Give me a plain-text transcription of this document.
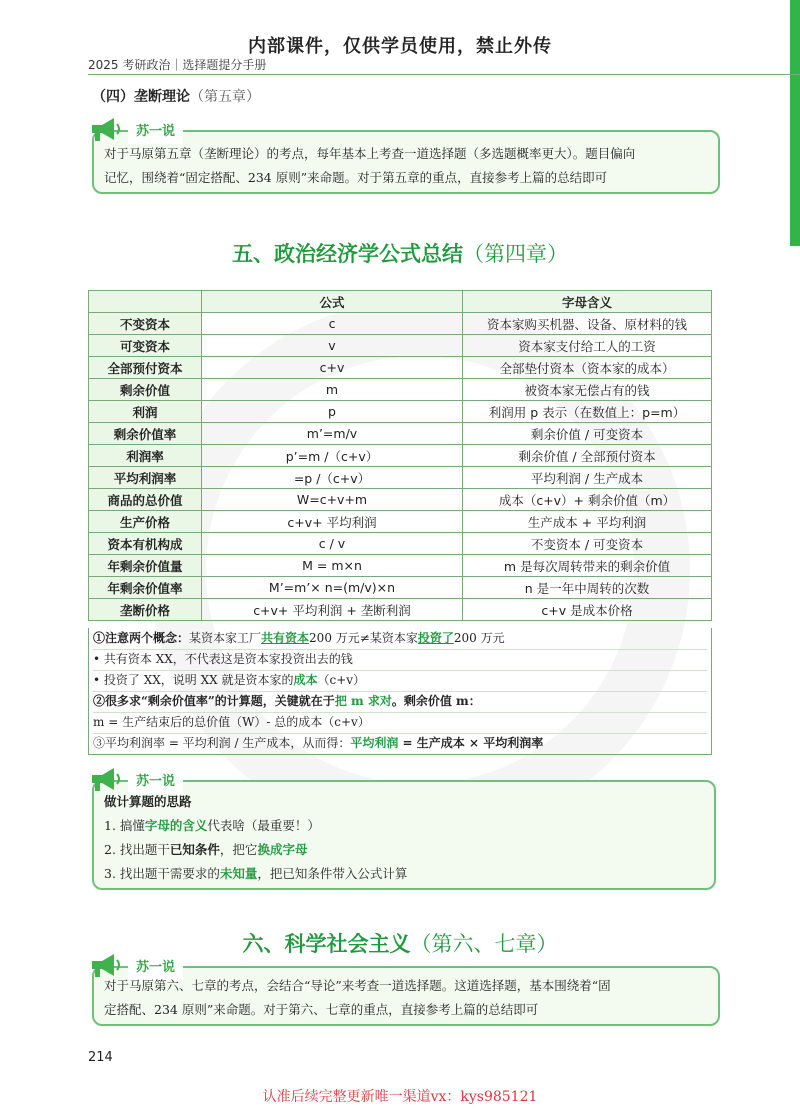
内部课件，仅供学员使用，禁止外传
2025 考研政治｜选择题提分手册
（四）垄断理论（第五章）
苏一说
对于马原第五章（垄断理论）的考点，每年基本上考查一道选择题（多选题概率更大）。题目偏向
记忆，围绕着“固定搭配、234 原则”来命题。对于第五章的重点，直接参考上篇的总结即可
五、政治经济学公式总结（第四章）
	公式	字母含义
不变资本	c	资本家购买机器、设备、原材料的钱
可变资本	v	资本家支付给工人的工资
全部预付资本	c+v	全部垫付资本（资本家的成本）
剩余价值	m	被资本家无偿占有的钱
利润	p	利润用 p 表示（在数值上：p=m）
剩余价值率	m’=m/v	剩余价值 / 可变资本
利润率	p’=m /（c+v）	剩余价值 / 全部预付资本
平均利润率	=p /（c+v）	平均利润 / 生产成本
商品的总价值	W=c+v+m	成本（c+v）+ 剩余价值（m）
生产价格	c+v+ 平均利润	生产成本 + 平均利润
资本有机构成	c / v	不变资本 / 可变资本
年剩余价值量	M = m×n	m 是每次周转带来的剩余价值
年剩余价值率	M’=m’× n=(m/v)×n	n 是一年中周转的次数
垄断价格	c+v+ 平均利润 + 垄断利润	c+v 是成本价格
①注意两个概念：某资本家工厂共有资本200 万元≠某资本家投资了200 万元
• 共有资本 XX，不代表这是资本家投资出去的钱
• 投资了 XX，说明 XX 就是资本家的成本（c+v）
②很多求“剩余价值率”的计算题，关键就在于把 m 求对。剩余价值 m：
m = 生产结束后的总价值（W）- 总的成本（c+v）
③平均利润率 = 平均利润 / 生产成本，从而得：平均利润 = 生产成本 × 平均利润率
苏一说
做计算题的思路
1. 搞懂字母的含义代表啥（最重要！）
2. 找出题干已知条件，把它换成字母
3. 找出题干需要求的未知量，把已知条件带入公式计算
六、科学社会主义（第六、七章）
苏一说
对于马原第六、七章的考点，会结合“导论”来考查一道选择题。这道选择题，基本围绕着“固
定搭配、234 原则”来命题。对于第六、七章的重点，直接参考上篇的总结即可
214
认准后续完整更新唯一渠道vx：kys985121
